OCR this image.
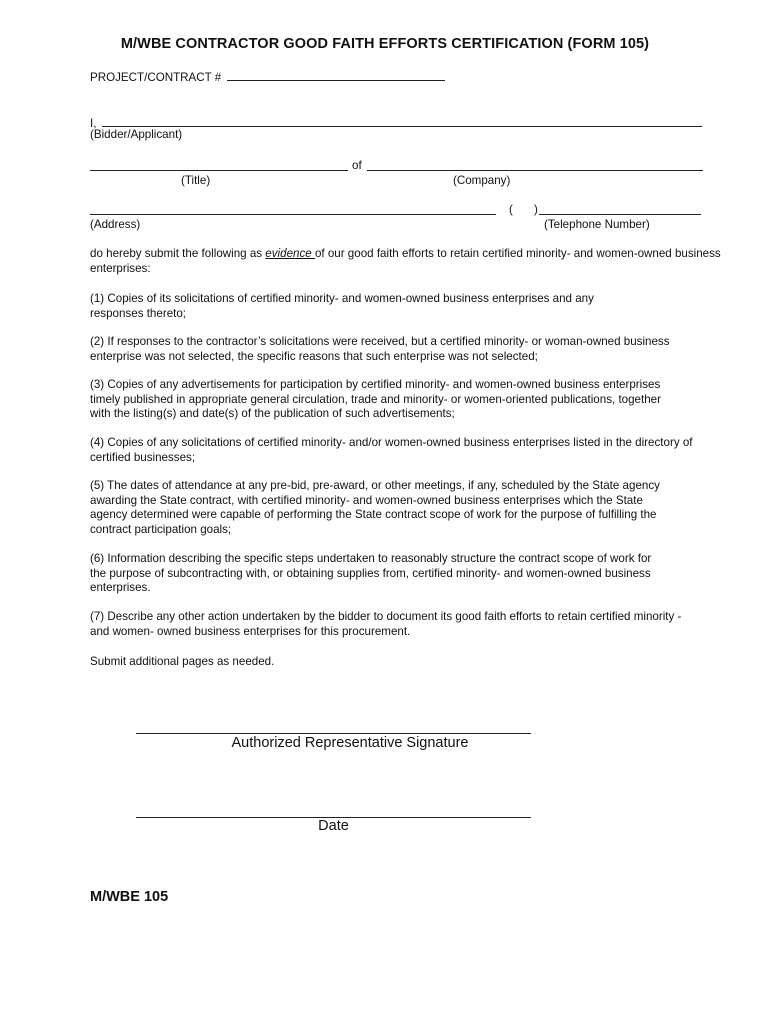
M/WBE CONTRACTOR GOOD FAITH EFFORTS CERTIFICATION (FORM 105)
PROJECT/CONTRACT #
I,
(Bidder/Applicant)
of
(Title)	(Company)
( )
(Address)	(Telephone Number)
do hereby submit the following as evidence of our good faith efforts to retain certified minority- and women-owned business enterprises:
(1) Copies of its solicitations of certified minority- and women-owned business enterprises and any responses thereto;
(2) If responses to the contractor’s solicitations were received, but a certified minority- or woman-owned business enterprise was not selected, the specific reasons that such enterprise was not selected;
(3) Copies of any advertisements for participation by certified minority- and women-owned business enterprises timely published in appropriate general circulation, trade and minority- or women-oriented publications, together with the listing(s) and date(s) of the publication of such advertisements;
(4) Copies of any solicitations of certified minority- and/or women-owned business enterprises listed in the directory of certified businesses;
(5) The dates of attendance at any pre-bid, pre-award, or other meetings, if any, scheduled by the State agency awarding the State contract, with certified minority- and women-owned business enterprises which the State agency determined were capable of performing the State contract scope of work for the purpose of fulfilling the contract participation goals;
(6) Information describing the specific steps undertaken to reasonably structure the contract scope of work for the purpose of subcontracting with, or obtaining supplies from, certified minority- and women-owned business enterprises.
(7) Describe any other action undertaken by the bidder to document its good faith efforts to retain certified minority - and women- owned business enterprises for this procurement.
Submit additional pages as needed.
Authorized Representative Signature
Date
M/WBE 105
